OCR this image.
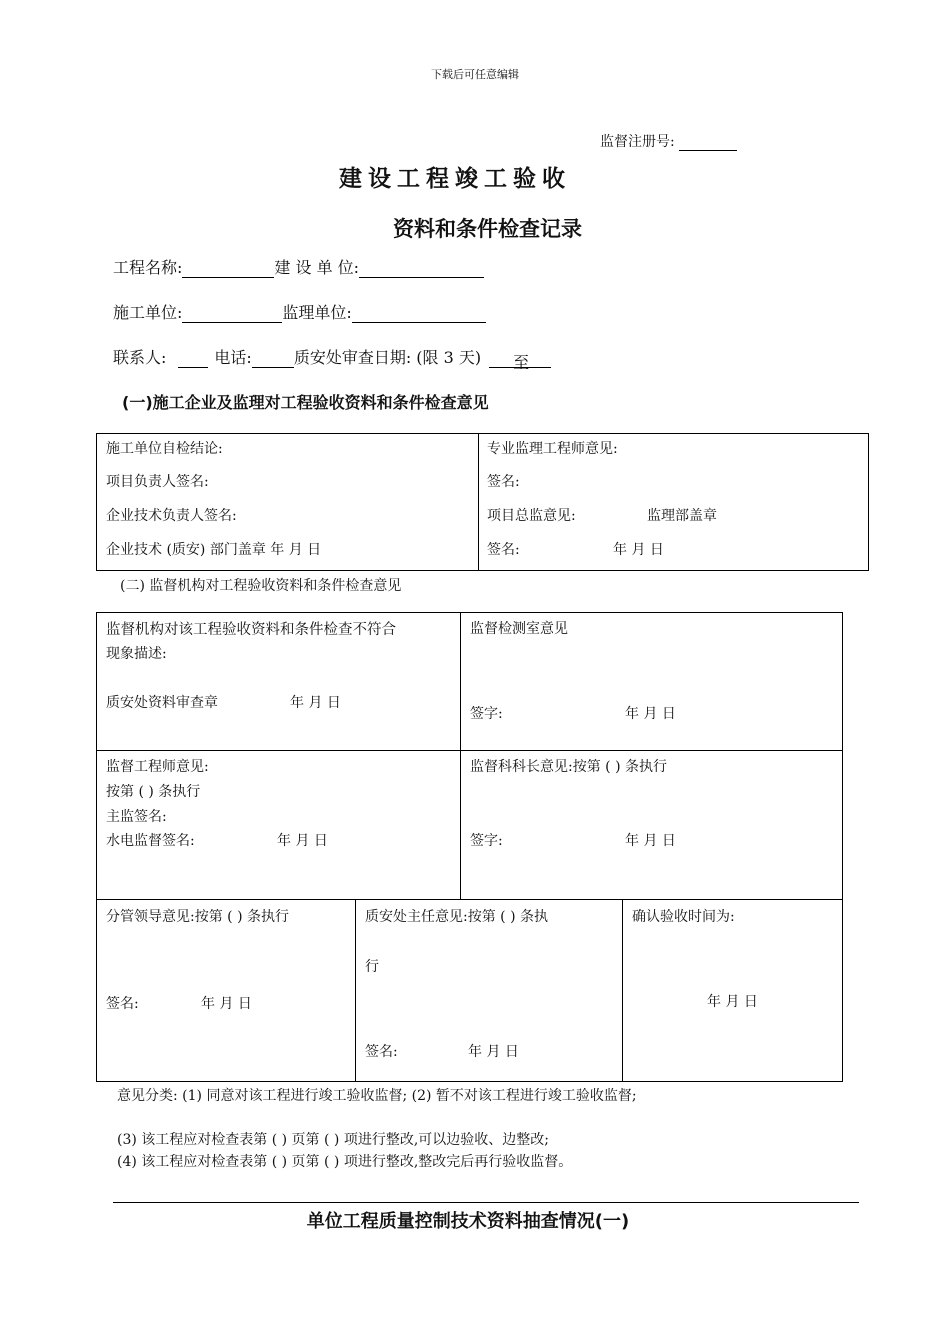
下载后可任意编辑
监督注册号:
建设工程竣工验收
资料和条件检查记录
工程名称:	建 设 单 位:
施工单位:	监理单位:
联系人:	电话:	质安处审查日期: (限 3 天) 至
(一)施工企业及监理对工程验收资料和条件检查意见
施工单位自检结论:
项目负责人签名:
企业技术负责人签名:
企业技术 (质安) 部门盖章 年 月 日
专业监理工程师意见:
签名:
项目总监意见:	监理部盖章
签名:	年 月 日
(二) 监督机构对工程验收资料和条件检查意见
监督机构对该工程验收资料和条件检查不符合
现象描述:
质安处资料审查章	年 月 日
监督检测室意见
签字:	年 月 日
监督工程师意见:
按第 ( ) 条执行
主监签名:
水电监督签名:	年 月 日
监督科科长意见:按第 ( ) 条执行
签字:	年 月 日
分管领导意见:按第 ( ) 条执行
签名:	年 月 日
质安处主任意见:按第 ( ) 条执
行
签名:	年 月 日
确认验收时间为:
年 月 日
意见分类: (1) 同意对该工程进行竣工验收监督; (2) 暂不对该工程进行竣工验收监督;
(3) 该工程应对检查表第 ( ) 页第 ( ) 项进行整改,可以边验收、边整改;
(4) 该工程应对检查表第 ( ) 页第 ( ) 项进行整改,整改完后再行验收监督。
单位工程质量控制技术资料抽查情况(一)
